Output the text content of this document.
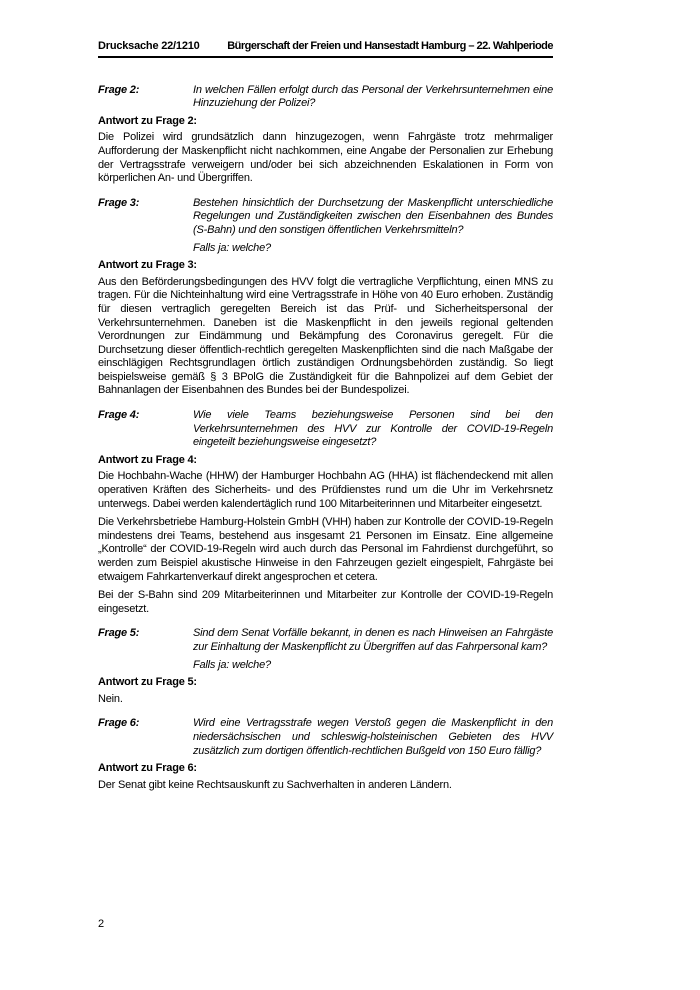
Drucksache 22/1210	Bürgerschaft der Freien und Hansestadt Hamburg – 22. Wahlperiode
Frage 2:	In welchen Fällen erfolgt durch das Personal der Verkehrsunternehmen eine Hinzuziehung der Polizei?
Antwort zu Frage 2:

Die Polizei wird grundsätzlich dann hinzugezogen, wenn Fahrgäste trotz mehrmaliger Aufforderung der Maskenpflicht nicht nachkommen, eine Angabe der Personalien zur Erhebung der Vertragsstrafe verweigern und/oder bei sich abzeichnenden Eskalationen in Form von körperlichen An- und Übergriffen.

Frage 3:	Bestehen hinsichtlich der Durchsetzung der Maskenpflicht unterschiedliche Regelungen und Zuständigkeiten zwischen den Eisenbahnen des Bundes (S-Bahn) und den sonstigen öffentlichen Verkehrsmitteln?
Falls ja: welche?
Antwort zu Frage 3:

Aus den Beförderungsbedingungen des HVV folgt die vertragliche Verpflichtung, einen MNS zu tragen. Für die Nichteinhaltung wird eine Vertragsstrafe in Höhe von 40 Euro erhoben. Zuständig für diesen vertraglich geregelten Bereich ist das Prüf- und Sicherheitspersonal der Verkehrsunternehmen. Daneben ist die Maskenpflicht in den jeweils regional geltenden Verordnungen zur Eindämmung und Bekämpfung des Coronavirus geregelt. Für die Durchsetzung dieser öffentlich-rechtlich geregelten Maskenpflichten sind die nach Maßgabe der einschlägigen Rechtsgrundlagen örtlich zuständigen Ordnungsbehörden zuständig. So liegt beispielsweise gemäß § 3 BPolG die Zuständigkeit für die Bahnpolizei auf dem Gebiet der Bahnanlagen der Eisenbahnen des Bundes bei der Bundespolizei.

Frage 4:	Wie viele Teams beziehungsweise Personen sind bei den Verkehrsunternehmen des HVV zur Kontrolle der COVID-19-Regeln eingeteilt beziehungsweise eingesetzt?
Antwort zu Frage 4:

Die Hochbahn-Wache (HHW) der Hamburger Hochbahn AG (HHA) ist flächendeckend mit allen operativen Kräften des Sicherheits- und des Prüfdienstes rund um die Uhr im Verkehrsnetz unterwegs. Dabei werden kalendertäglich rund 100 Mitarbeiterinnen und Mitarbeiter eingesetzt.

Die Verkehrsbetriebe Hamburg-Holstein GmbH (VHH) haben zur Kontrolle der COVID-19-Regeln mindestens drei Teams, bestehend aus insgesamt 21 Personen im Einsatz. Eine allgemeine „Kontrolle“ der COVID-19-Regeln wird auch durch das Personal im Fahrdienst durchgeführt, so werden zum Beispiel akustische Hinweise in den Fahrzeugen gezielt eingespielt, Fahrgäste bei etwaigem Fahrkartenverkauf direkt angesprochen et cetera.

Bei der S-Bahn sind 209 Mitarbeiterinnen und Mitarbeiter zur Kontrolle der COVID-19-Regeln eingesetzt.

Frage 5:	Sind dem Senat Vorfälle bekannt, in denen es nach Hinweisen an Fahrgäste zur Einhaltung der Maskenpflicht zu Übergriffen auf das Fahrpersonal kam?
Falls ja: welche?
Antwort zu Frage 5:

Nein.

Frage 6:	Wird eine Vertragsstrafe wegen Verstoß gegen die Maskenpflicht in den niedersächsischen und schleswig-holsteinischen Gebieten des HVV zusätzlich zum dortigen öffentlich-rechtlichen Bußgeld von 150 Euro fällig?
Antwort zu Frage 6:

Der Senat gibt keine Rechtsauskunft zu Sachverhalten in anderen Ländern.

2
